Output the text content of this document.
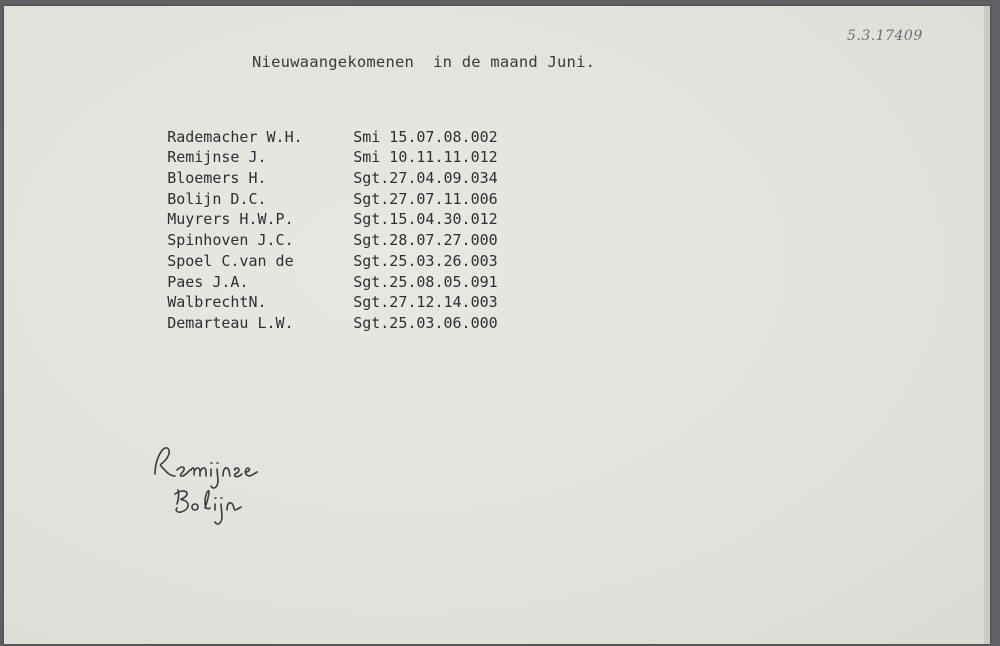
5.3.17409
Nieuwaangekomenen  in de maand Juni.

Rademacher W.H.	Smi 15.07.08.002

Remijnse J.	Smi 10.11.11.012

Bloemers H.	Sgt.27.04.09.034

Bolijn D.C.	Sgt.27.07.11.006

Muyrers H.W.P.	Sgt.15.04.30.012

Spinhoven J.C.	Sgt.28.07.27.000

Spoel C.van de	Sgt.25.03.26.003

Paes J.A.	Sgt.25.08.05.091

WalbrechtN.	Sgt.27.12.14.003

Demarteau L.W.	Sgt.25.03.06.000
